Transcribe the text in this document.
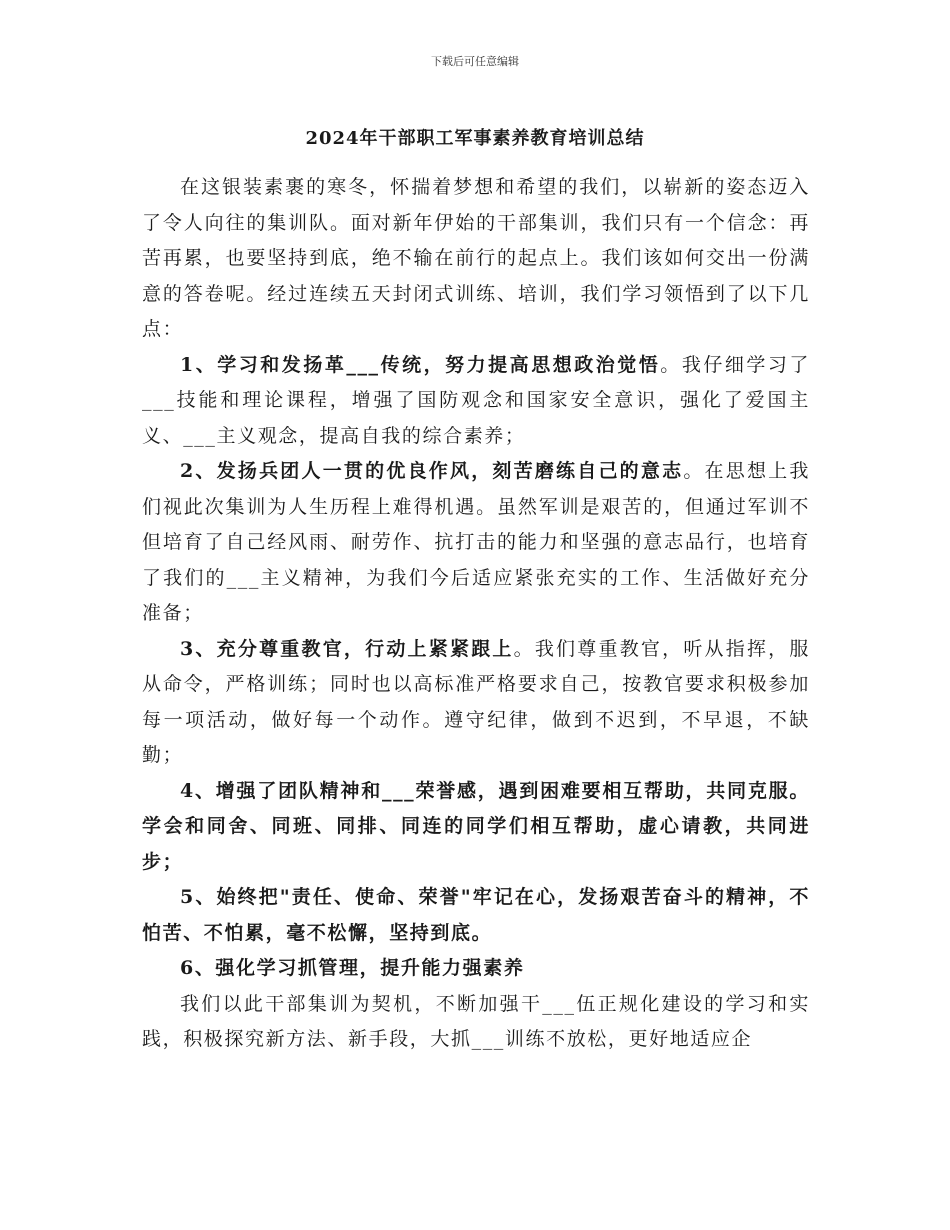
下载后可任意编辑
2024年干部职工军事素养教育培训总结

在这银装素裹的寒冬，怀揣着梦想和希望的我们，以崭新的姿态迈入了令人向往的集训队。面对新年伊始的干部集训，我们只有一个信念：再苦再累，也要坚持到底，绝不输在前行的起点上。我们该如何交出一份满意的答卷呢。经过连续五天封闭式训练、培训，我们学习领悟到了以下几点：

1、学习和发扬革___传统，努力提高思想政治觉悟。我仔细学习了___技能和理论课程，增强了国防观念和国家安全意识，强化了爱国主义、___主义观念，提高自我的综合素养；

2、发扬兵团人一贯的优良作风，刻苦磨练自己的意志。在思想上我们视此次集训为人生历程上难得机遇。虽然军训是艰苦的，但通过军训不但培育了自己经风雨、耐劳作、抗打击的能力和坚强的意志品行，也培育了我们的___主义精神，为我们今后适应紧张充实的工作、生活做好充分准备；

3、充分尊重教官，行动上紧紧跟上。我们尊重教官，听从指挥，服从命令，严格训练；同时也以高标准严格要求自己，按教官要求积极参加每一项活动，做好每一个动作。遵守纪律，做到不迟到，不早退，不缺勤；

4、增强了团队精神和___荣誉感，遇到困难要相互帮助，共同克服。学会和同舍、同班、同排、同连的同学们相互帮助，虚心请教，共同进步；

5、始终把"责任、使命、荣誉"牢记在心，发扬艰苦奋斗的精神，不怕苦、不怕累，毫不松懈，坚持到底。

6、强化学习抓管理，提升能力强素养

我们以此干部集训为契机，不断加强干___伍正规化建设的学习和实践，积极探究新方法、新手段，大抓___训练不放松，更好地适应企
